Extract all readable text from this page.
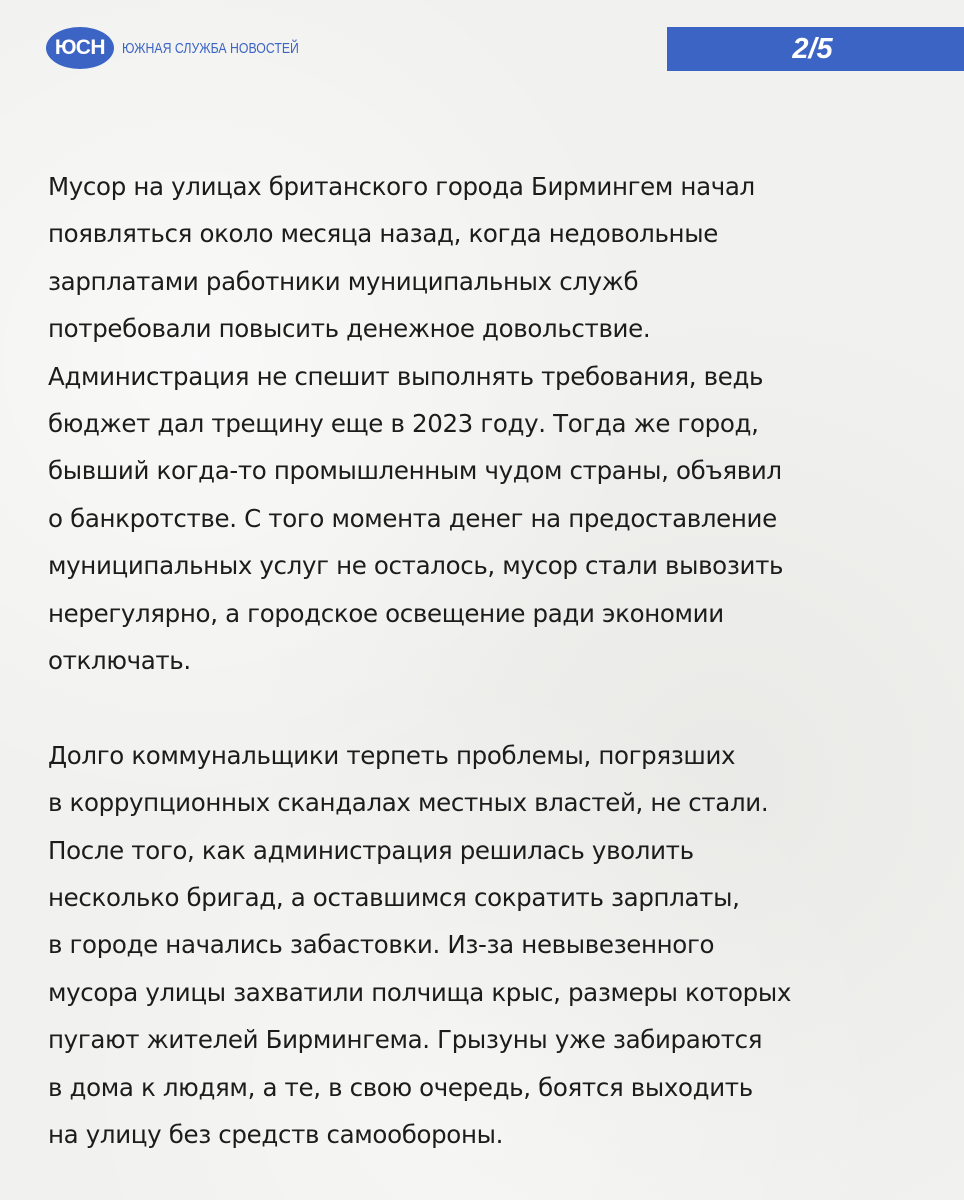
ЮСН	ЮЖНАЯ СЛУЖБА НОВОСТЕЙ	2/5

Мусор на улицах британского города Бирмингем начал
появляться около месяца назад, когда недовольные
зарплатами работники муниципальных служб
потребовали повысить денежное довольствие.
Администрация не спешит выполнять требования, ведь
бюджет дал трещину еще в 2023 году. Тогда же город,
бывший когда-то промышленным чудом страны, объявил
о банкротстве. С того момента денег на предоставление
муниципальных услуг не осталось, мусор стали вывозить
нерегулярно, а городское освещение ради экономии
отключать.

Долго коммунальщики терпеть проблемы, погрязших
в коррупционных скандалах местных властей, не стали.
После того, как администрация решилась уволить
несколько бригад, а оставшимся сократить зарплаты,
в городе начались забастовки. Из-за невывезенного
мусора улицы захватили полчища крыс, размеры которых
пугают жителей Бирмингема. Грызуны уже забираются
в дома к людям, а те, в свою очередь, боятся выходить
на улицу без средств самообороны.
